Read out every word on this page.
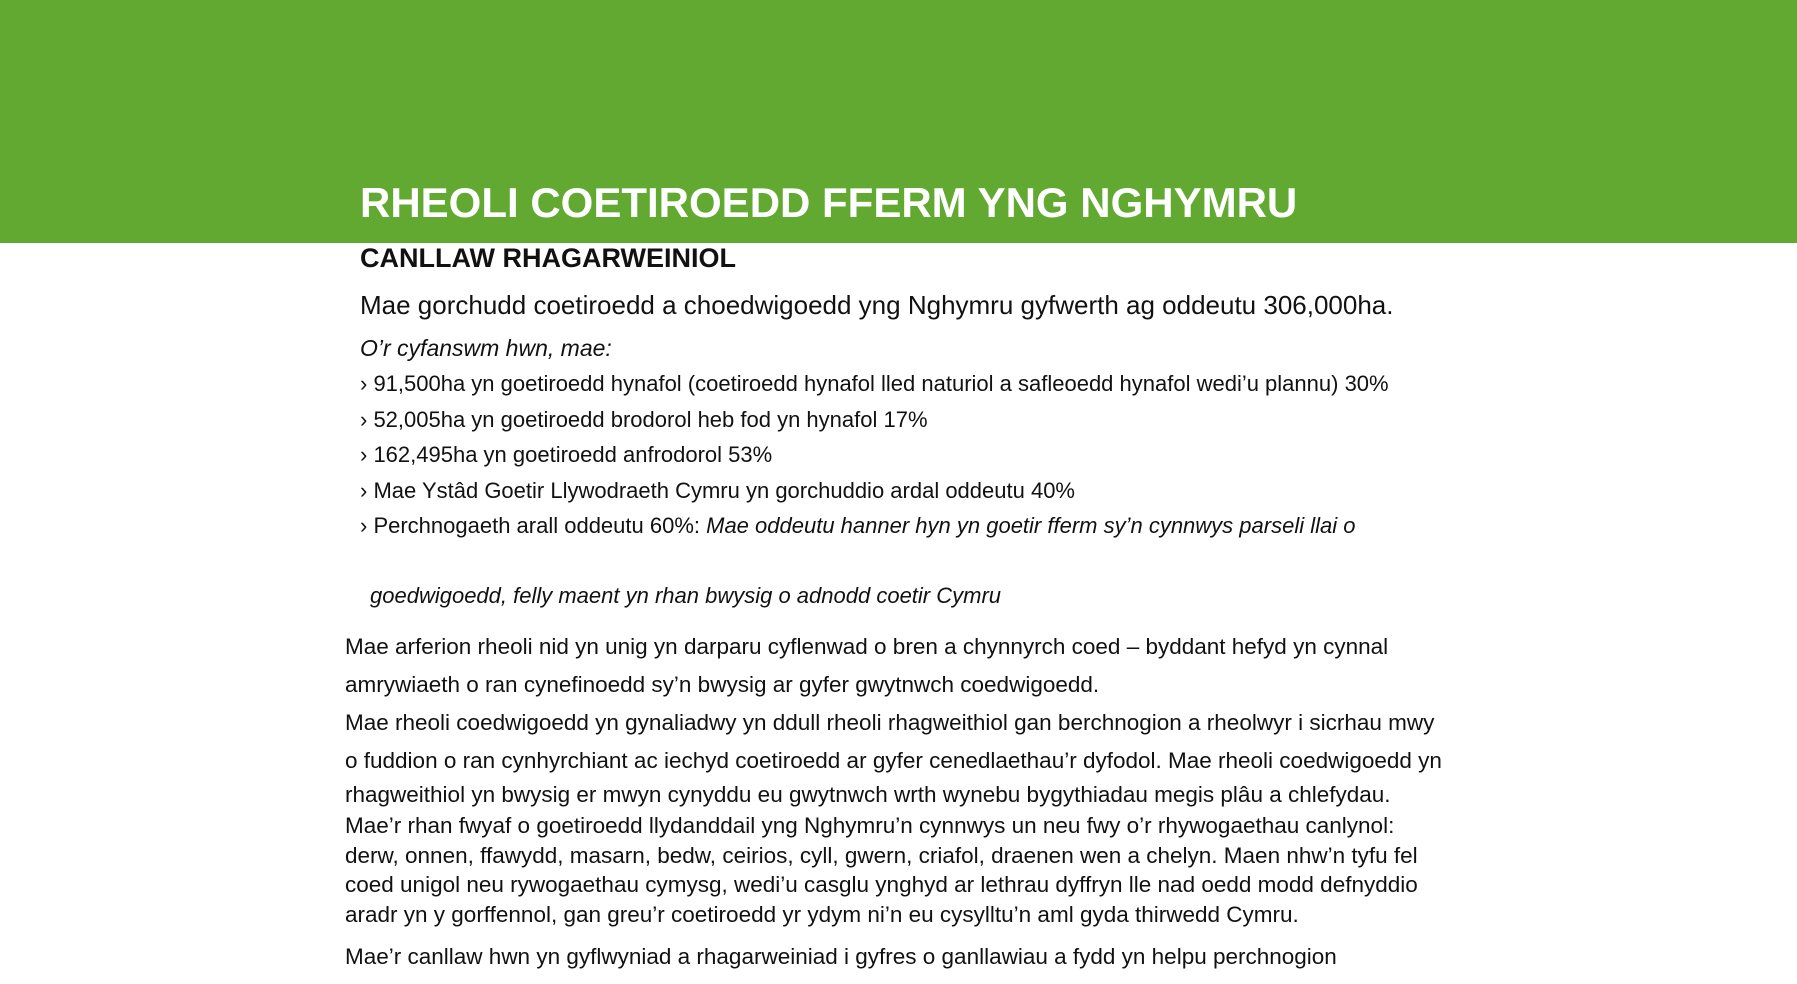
RHEOLI COETIROEDD FFERM YNG NGHYMRU
CANLLAW RHAGARWEINIOL

Mae gorchudd coetiroedd a choedwigoedd yng Nghymru gyfwerth ag oddeutu 306,000ha.

O’r cyfanswm hwn, mae:

› 91,500ha yn goetiroedd hynafol (coetiroedd hynafol lled naturiol a safleoedd hynafol wedi’u plannu) 30%
› 52,005ha yn goetiroedd brodorol heb fod yn hynafol 17%
› 162,495ha yn goetiroedd anfrodorol 53%
› Mae Ystâd Goetir Llywodraeth Cymru yn gorchuddio ardal oddeutu 40%
› Perchnogaeth arall oddeutu 60%: Mae oddeutu hanner hyn yn goetir fferm sy’n cynnwys parseli llai o

goedwigoedd, felly maent yn rhan bwysig o adnodd coetir Cymru

Mae arferion rheoli nid yn unig yn darparu cyflenwad o bren a chynnyrch coed – byddant hefyd yn cynnal
amrywiaeth o ran cynefinoedd sy’n bwysig ar gyfer gwytnwch coedwigoedd.

Mae rheoli coedwigoedd yn gynaliadwy yn ddull rheoli rhagweithiol gan berchnogion a rheolwyr i sicrhau mwy
o fuddion o ran cynhyrchiant ac iechyd coetiroedd ar gyfer cenedlaethau’r dyfodol. Mae rheoli coedwigoedd yn
rhagweithiol yn bwysig er mwyn cynyddu eu gwytnwch wrth wynebu bygythiadau megis plâu a chlefydau.

Mae’r rhan fwyaf o goetiroedd llydanddail yng Nghymru’n cynnwys un neu fwy o’r rhywogaethau canlynol:
derw, onnen, ffawydd, masarn, bedw, ceirios, cyll, gwern, criafol, draenen wen a chelyn. Maen nhw’n tyfu fel
coed unigol neu rywogaethau cymysg, wedi’u casglu ynghyd ar lethrau dyffryn lle nad oedd modd defnyddio
aradr yn y gorffennol, gan greu’r coetiroedd yr ydym ni’n eu cysylltu’n aml gyda thirwedd Cymru.

Mae’r canllaw hwn yn gyflwyniad a rhagarweiniad i gyfres o ganllawiau a fydd yn helpu perchnogion
